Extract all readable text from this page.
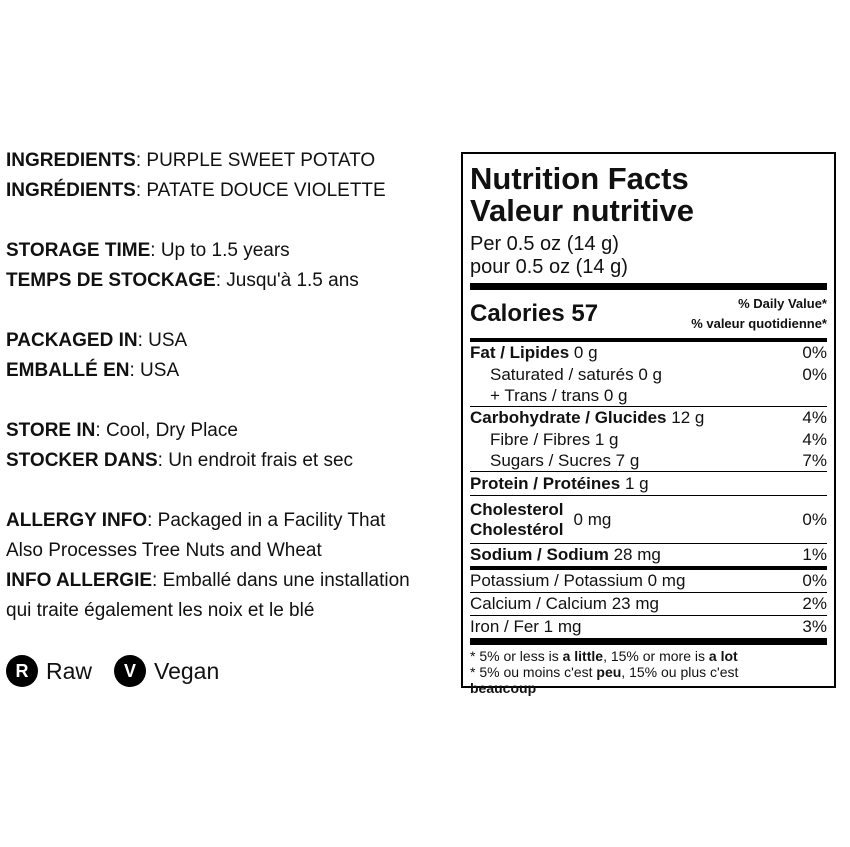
INGREDIENTS: PURPLE SWEET POTATO
INGRÉDIENTS: PATATE DOUCE VIOLETTE
STORAGE TIME: Up to 1.5 years
TEMPS DE STOCKAGE: Jusqu'à 1.5 ans
PACKAGED IN: USA
EMBALLÉ EN: USA
STORE IN: Cool, Dry Place
STOCKER DANS: Un endroit frais et sec
ALLERGY INFO: Packaged in a Facility That
Also Processes Tree Nuts and Wheat
INFO ALLERGIE: Emballé dans une installation
qui traite également les noix et le blé
R Raw	V Vegan
Nutrition Facts
Valeur nutritive
Per 0.5 oz (14 g)
pour 0.5 oz (14 g)
Calories 57	% Daily Value*
% valeur quotidienne*
Fat / Lipides 0 g	0%
Saturated / saturés 0 g	0%
+ Trans / trans 0 g
Carbohydrate / Glucides 12 g	4%
Fibre / Fibres 1 g	4%
Sugars / Sucres 7 g	7%
Protein / Protéines 1 g
Cholesterol
Cholestérol
0 mg	0%
Sodium / Sodium 28 mg	1%
Potassium / Potassium 0 mg	0%
Calcium / Calcium 23 mg	2%
Iron / Fer 1 mg	3%
* 5% or less is a little, 15% or more is a lot
* 5% ou moins c'est peu, 15% ou plus c'est
beaucoup
